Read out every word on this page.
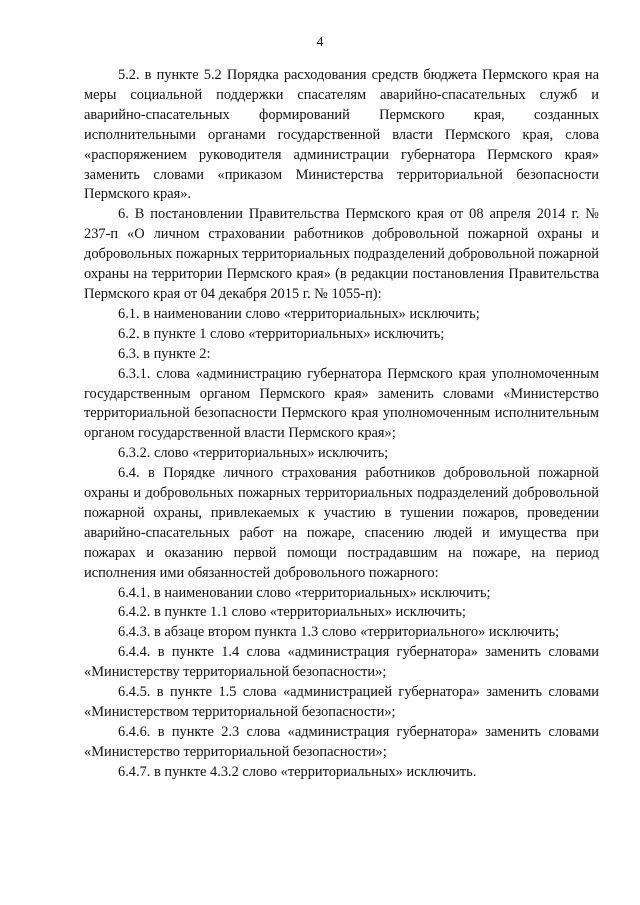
4

5.2. в пункте 5.2 Порядка расходования средств бюджета Пермского края на меры социальной поддержки спасателям аварийно-спасательных служб и аварийно-спасательных формирований Пермского края, созданных исполнительными органами государственной власти Пермского края, слова «распоряжением руководителя администрации губернатора Пермского края» заменить словами «приказом Министерства территориальной безопасности Пермского края».

6. В постановлении Правительства Пермского края от 08 апреля 2014 г. № 237-п «О личном страховании работников добровольной пожарной охраны и добровольных пожарных территориальных подразделений добровольной пожарной охраны на территории Пермского края» (в редакции постановления Правительства Пермского края от 04 декабря 2015 г. № 1055-п):

6.1. в наименовании слово «территориальных» исключить;

6.2. в пункте 1 слово «территориальных» исключить;

6.3. в пункте 2:

6.3.1. слова «администрацию губернатора Пермского края уполномоченным государственным органом Пермского края» заменить словами «Министерство территориальной безопасности Пермского края уполномоченным исполнительным органом государственной власти Пермского края»;

6.3.2. слово «территориальных» исключить;

6.4. в Порядке личного страхования работников добровольной пожарной охраны и добровольных пожарных территориальных подразделений добровольной пожарной охраны, привлекаемых к участию в тушении пожаров, проведении аварийно-спасательных работ на пожаре, спасению людей и имущества при пожарах и оказанию первой помощи пострадавшим на пожаре, на период исполнения ими обязанностей добровольного пожарного:

6.4.1. в наименовании слово «территориальных» исключить;

6.4.2. в пункте 1.1 слово «территориальных» исключить;

6.4.3. в абзаце втором пункта 1.3 слово «территориального» исключить;

6.4.4. в пункте 1.4 слова «администрация губернатора» заменить словами «Министерству территориальной безопасности»;

6.4.5. в пункте 1.5 слова «администрацией губернатора» заменить словами «Министерством территориальной безопасности»;

6.4.6. в пункте 2.3 слова «администрация губернатора» заменить словами «Министерство территориальной безопасности»;

6.4.7. в пункте 4.3.2 слово «территориальных» исключить.
